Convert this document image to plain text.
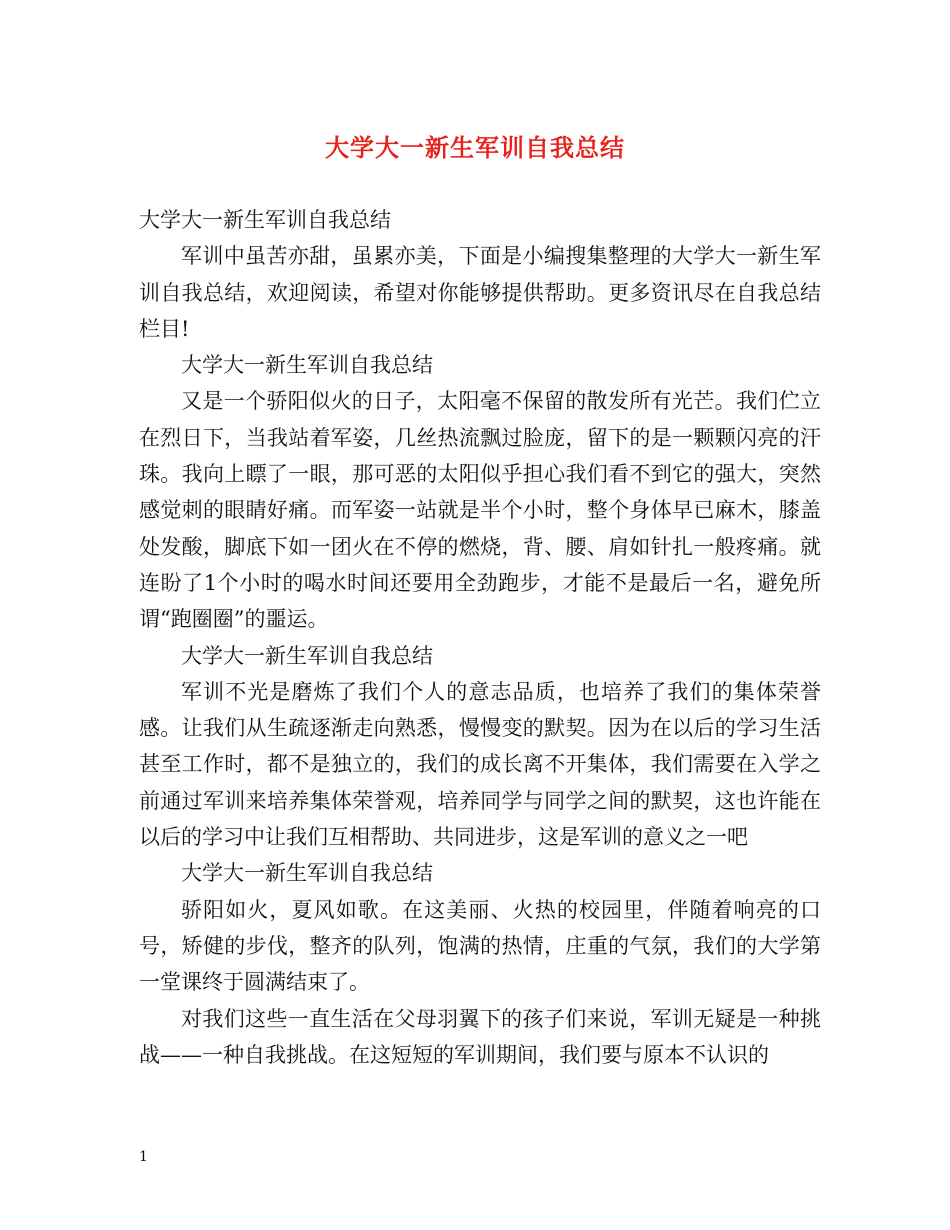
大学大一新生军训自我总结

大学大一新生军训自我总结

军训中虽苦亦甜，虽累亦美，下面是小编搜集整理的大学大一新生军训自我总结，欢迎阅读，希望对你能够提供帮助。更多资讯尽在自我总结栏目!

大学大一新生军训自我总结

又是一个骄阳似火的日子，太阳毫不保留的散发所有光芒。我们伫立在烈日下，当我站着军姿，几丝热流飘过脸庞，留下的是一颗颗闪亮的汗珠。我向上瞟了一眼，那可恶的太阳似乎担心我们看不到它的强大，突然感觉刺的眼睛好痛。而军姿一站就是半个小时，整个身体早已麻木，膝盖处发酸，脚底下如一团火在不停的燃烧，背、腰、肩如针扎一般疼痛。就连盼了1个小时的喝水时间还要用全劲跑步，才能不是最后一名，避免所谓“跑圈圈”的噩运。

大学大一新生军训自我总结

军训不光是磨炼了我们个人的意志品质，也培养了我们的集体荣誉感。让我们从生疏逐渐走向熟悉，慢慢变的默契。因为在以后的学习生活甚至工作时，都不是独立的，我们的成长离不开集体，我们需要在入学之前通过军训来培养集体荣誉观，培养同学与同学之间的默契，这也许能在以后的学习中让我们互相帮助、共同进步，这是军训的意义之一吧

大学大一新生军训自我总结

骄阳如火，夏风如歌。在这美丽、火热的校园里，伴随着响亮的口号，矫健的步伐，整齐的队列，饱满的热情，庄重的气氛，我们的大学第一堂课终于圆满结束了。

对我们这些一直生活在父母羽翼下的孩子们来说，军训无疑是一种挑战——一种自我挑战。在这短短的军训期间，我们要与原本不认识的

1
